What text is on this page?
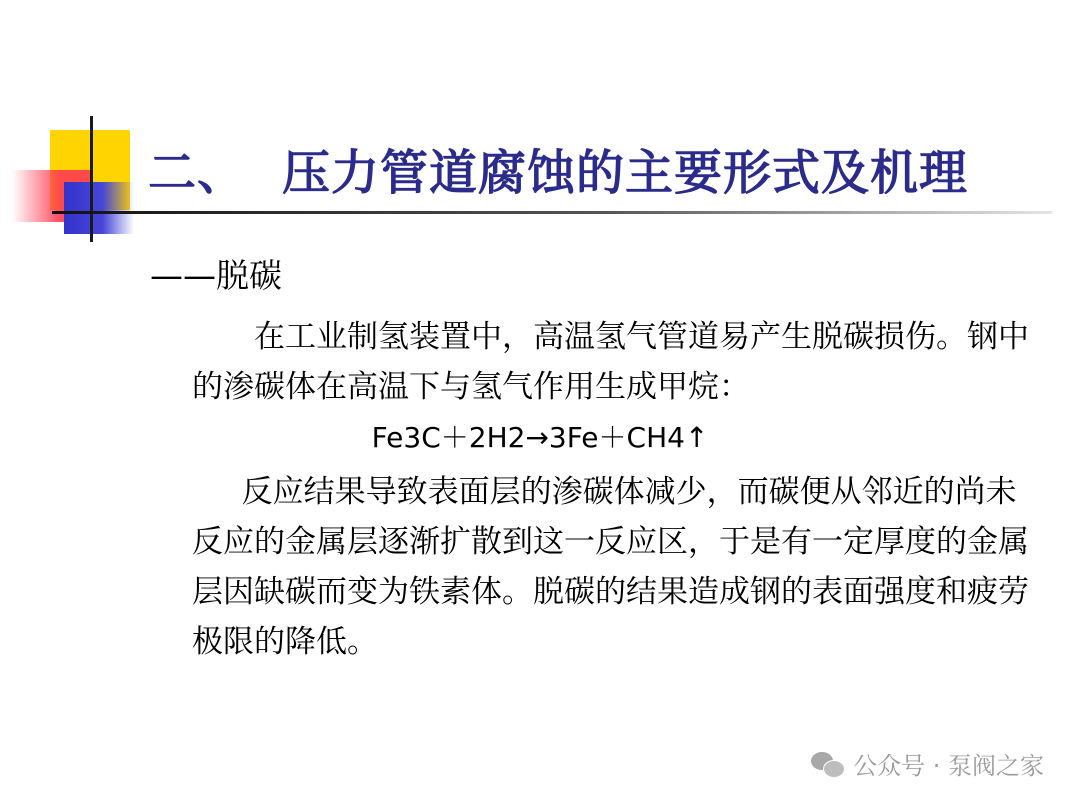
二、 压力管道腐蚀的主要形式及机理
——脱碳
在工业制氢装置中，高温氢气管道易产生脱碳损伤。钢中的渗碳体在高温下与氢气作用生成甲烷：
Fe3C＋2H2→3Fe＋CH4↑
反应结果导致表面层的渗碳体减少，而碳便从邻近的尚未反应的金属层逐渐扩散到这一反应区，于是有一定厚度的金属层因缺碳而变为铁素体。脱碳的结果造成钢的表面强度和疲劳极限的降低。
公众号 · 泵阀之家
